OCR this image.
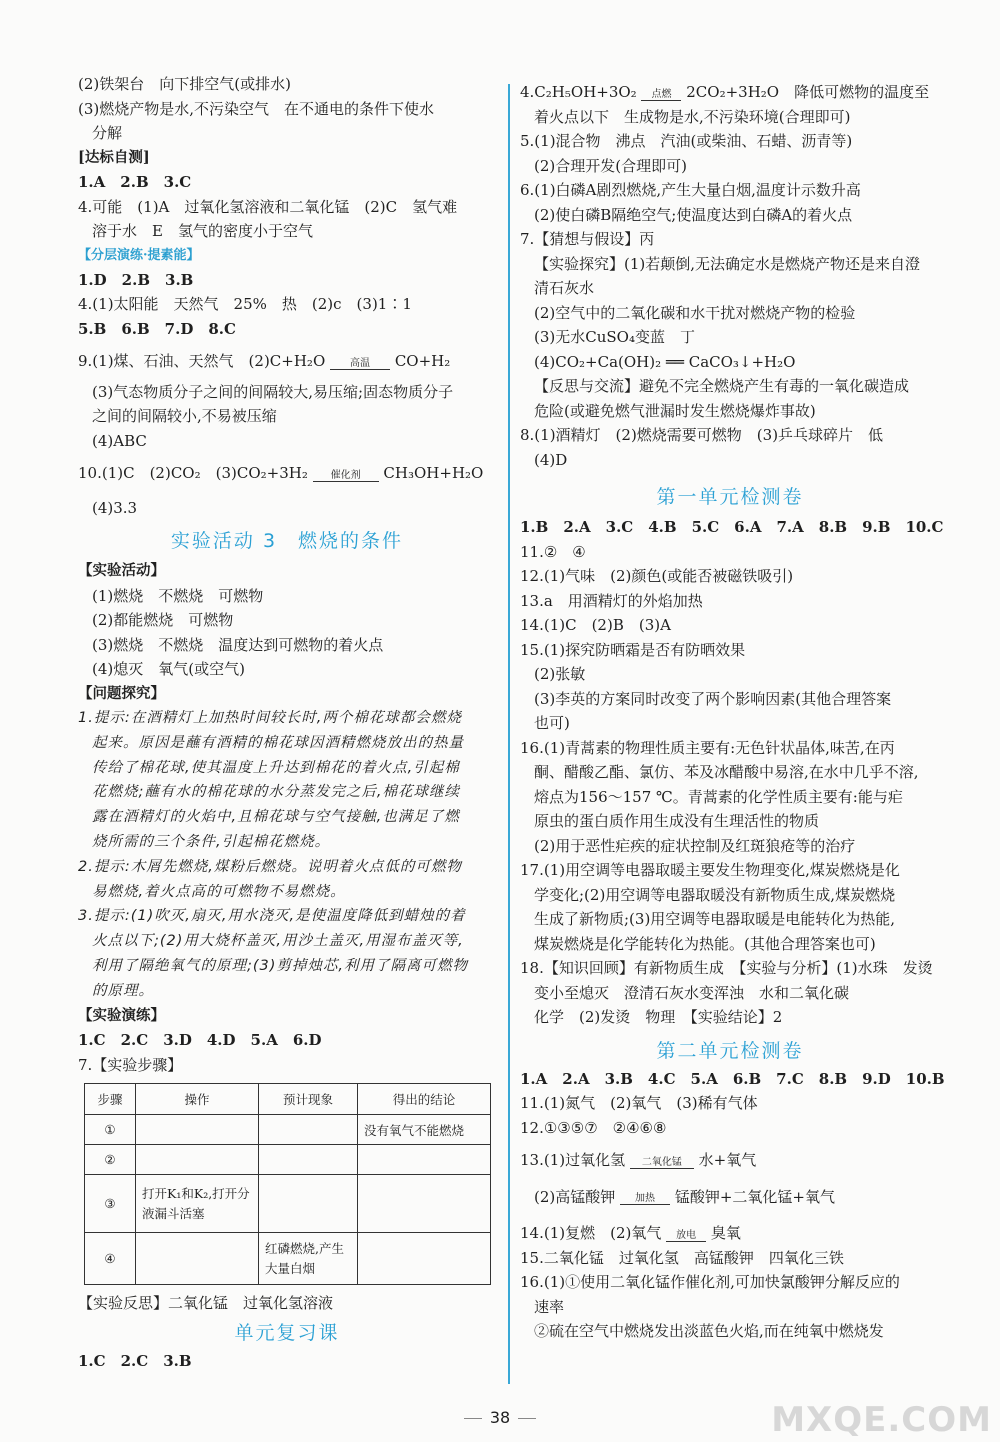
(2)铁架台　向下排空气(或排水)
(3)燃烧产物是水,不污染空气　在不通电的条件下使水
分解
[达标自测]
1.A　2.B　3.C
4.可能　(1)A　过氧化氢溶液和二氧化锰　(2)C　氢气难
溶于水　E　氢气的密度小于空气
【分层演练·提素能】
1.D　2.B　3.B
4.(1)太阳能　天然气　25%　热　(2)c　(3)1∶1
5.B　6.B　7.D　8.C
9.(1)煤、石油、天然气　(2)C+H₂O	高温	CO+H₂
(3)气态物质分子之间的间隔较大,易压缩;固态物质分子
之间的间隔较小,不易被压缩
(4)ABC
10.(1)C　(2)CO₂　(3)CO₂+3H₂	催化剂	CH₃OH+H₂O
(4)3.3
实验活动 3　燃烧的条件
【实验活动】
(1)燃烧　不燃烧　可燃物
(2)都能燃烧　可燃物
(3)燃烧　不燃烧　温度达到可燃物的着火点
(4)熄灭　氧气(或空气)
【问题探究】
1.提示:在酒精灯上加热时间较长时,两个棉花球都会燃烧
起来。原因是蘸有酒精的棉花球因酒精燃烧放出的热量
传给了棉花球,使其温度上升达到棉花的着火点,引起棉
花燃烧;蘸有水的棉花球的水分蒸发完之后,棉花球继续
露在酒精灯的火焰中,且棉花球与空气接触,也满足了燃
烧所需的三个条件,引起棉花燃烧。
2.提示:木屑先燃烧,煤粉后燃烧。说明着火点低的可燃物
易燃烧,着火点高的可燃物不易燃烧。
3.提示:(1)吹灭,扇灭,用水浇灭,是使温度降低到蜡烛的着
火点以下;(2)用大烧杯盖灭,用沙土盖灭,用湿布盖灭等,
利用了隔绝氧气的原理;(3)剪掉烛芯,利用了隔离可燃物
的原理。
【实验演练】
1.C　2.C　3.D　4.D　5.A　6.D
7.【实验步骤】
步骤	操作	预计现象	得出的结论
①			没有氧气不能燃烧
②			
③	打开K₁和K₂,打开分液漏斗活塞		
④		红磷燃烧,产生大量白烟	
【实验反思】二氧化锰　过氧化氢溶液
单元复习课
1.C　2.C　3.B
4.C₂H₅OH+3O₂	点燃 2CO₂+3H₂O　降低可燃物的温度至
着火点以下　生成物是水,不污染环境(合理即可)
5.(1)混合物　沸点　汽油(或柴油、石蜡、沥青等)
(2)合理开发(合理即可)
6.(1)白磷A剧烈燃烧,产生大量白烟,温度计示数升高
(2)使白磷B隔绝空气;使温度达到白磷A的着火点
7.【猜想与假设】丙
【实验探究】(1)若颠倒,无法确定水是燃烧产物还是来自澄
清石灰水
(2)空气中的二氧化碳和水干扰对燃烧产物的检验
(3)无水CuSO₄变蓝　丁
(4)CO₂+Ca(OH)₂ ══ CaCO₃↓+H₂O
【反思与交流】避免不完全燃烧产生有毒的一氧化碳造成
危险(或避免燃气泄漏时发生燃烧爆炸事故)
8.(1)酒精灯　(2)燃烧需要可燃物　(3)乒乓球碎片　低
(4)D
第一单元检测卷
1.B　2.A　3.C　4.B　5.C　6.A　7.A　8.B　9.B　10.C
11.②　④
12.(1)气味　(2)颜色(或能否被磁铁吸引)
13.a　用酒精灯的外焰加热
14.(1)C　(2)B　(3)A
15.(1)探究防晒霜是否有防晒效果
(2)张敏
(3)李英的方案同时改变了两个影响因素(其他合理答案
也可)
16.(1)青蒿素的物理性质主要有:无色针状晶体,味苦,在丙
酮、醋酸乙酯、氯仿、苯及冰醋酸中易溶,在水中几乎不溶,
熔点为156～157 ℃。青蒿素的化学性质主要有:能与疟
原虫的蛋白质作用生成没有生理活性的物质
(2)用于恶性疟疾的症状控制及红斑狼疮等的治疗
17.(1)用空调等电器取暖主要发生物理变化,煤炭燃烧是化
学变化;(2)用空调等电器取暖没有新物质生成,煤炭燃烧
生成了新物质;(3)用空调等电器取暖是电能转化为热能,
煤炭燃烧是化学能转化为热能。(其他合理答案也可)
18.【知识回顾】有新物质生成　【实验与分析】(1)水珠　发烫
变小至熄灭　澄清石灰水变浑浊　水和二氧化碳
化学　(2)发烫　物理　【实验结论】2
第二单元检测卷
1.A　2.A　3.B　4.C　5.A　6.B　7.C　8.B　9.D　10.B
11.(1)氮气　(2)氧气　(3)稀有气体
12.①③⑤⑦　②④⑥⑧
13.(1)过氧化氢	二氧化锰	水+氧气
(2)高锰酸钾	加热	锰酸钾+二氧化锰+氧气
14.(1)复燃　(2)氧气	放电 臭氧
15.二氧化锰　过氧化氢　高锰酸钾　四氧化三铁
16.(1)①使用二氧化锰作催化剂,可加快氯酸钾分解反应的
速率
②硫在空气中燃烧发出淡蓝色火焰,而在纯氧中燃烧发
38	MXQE.COM
